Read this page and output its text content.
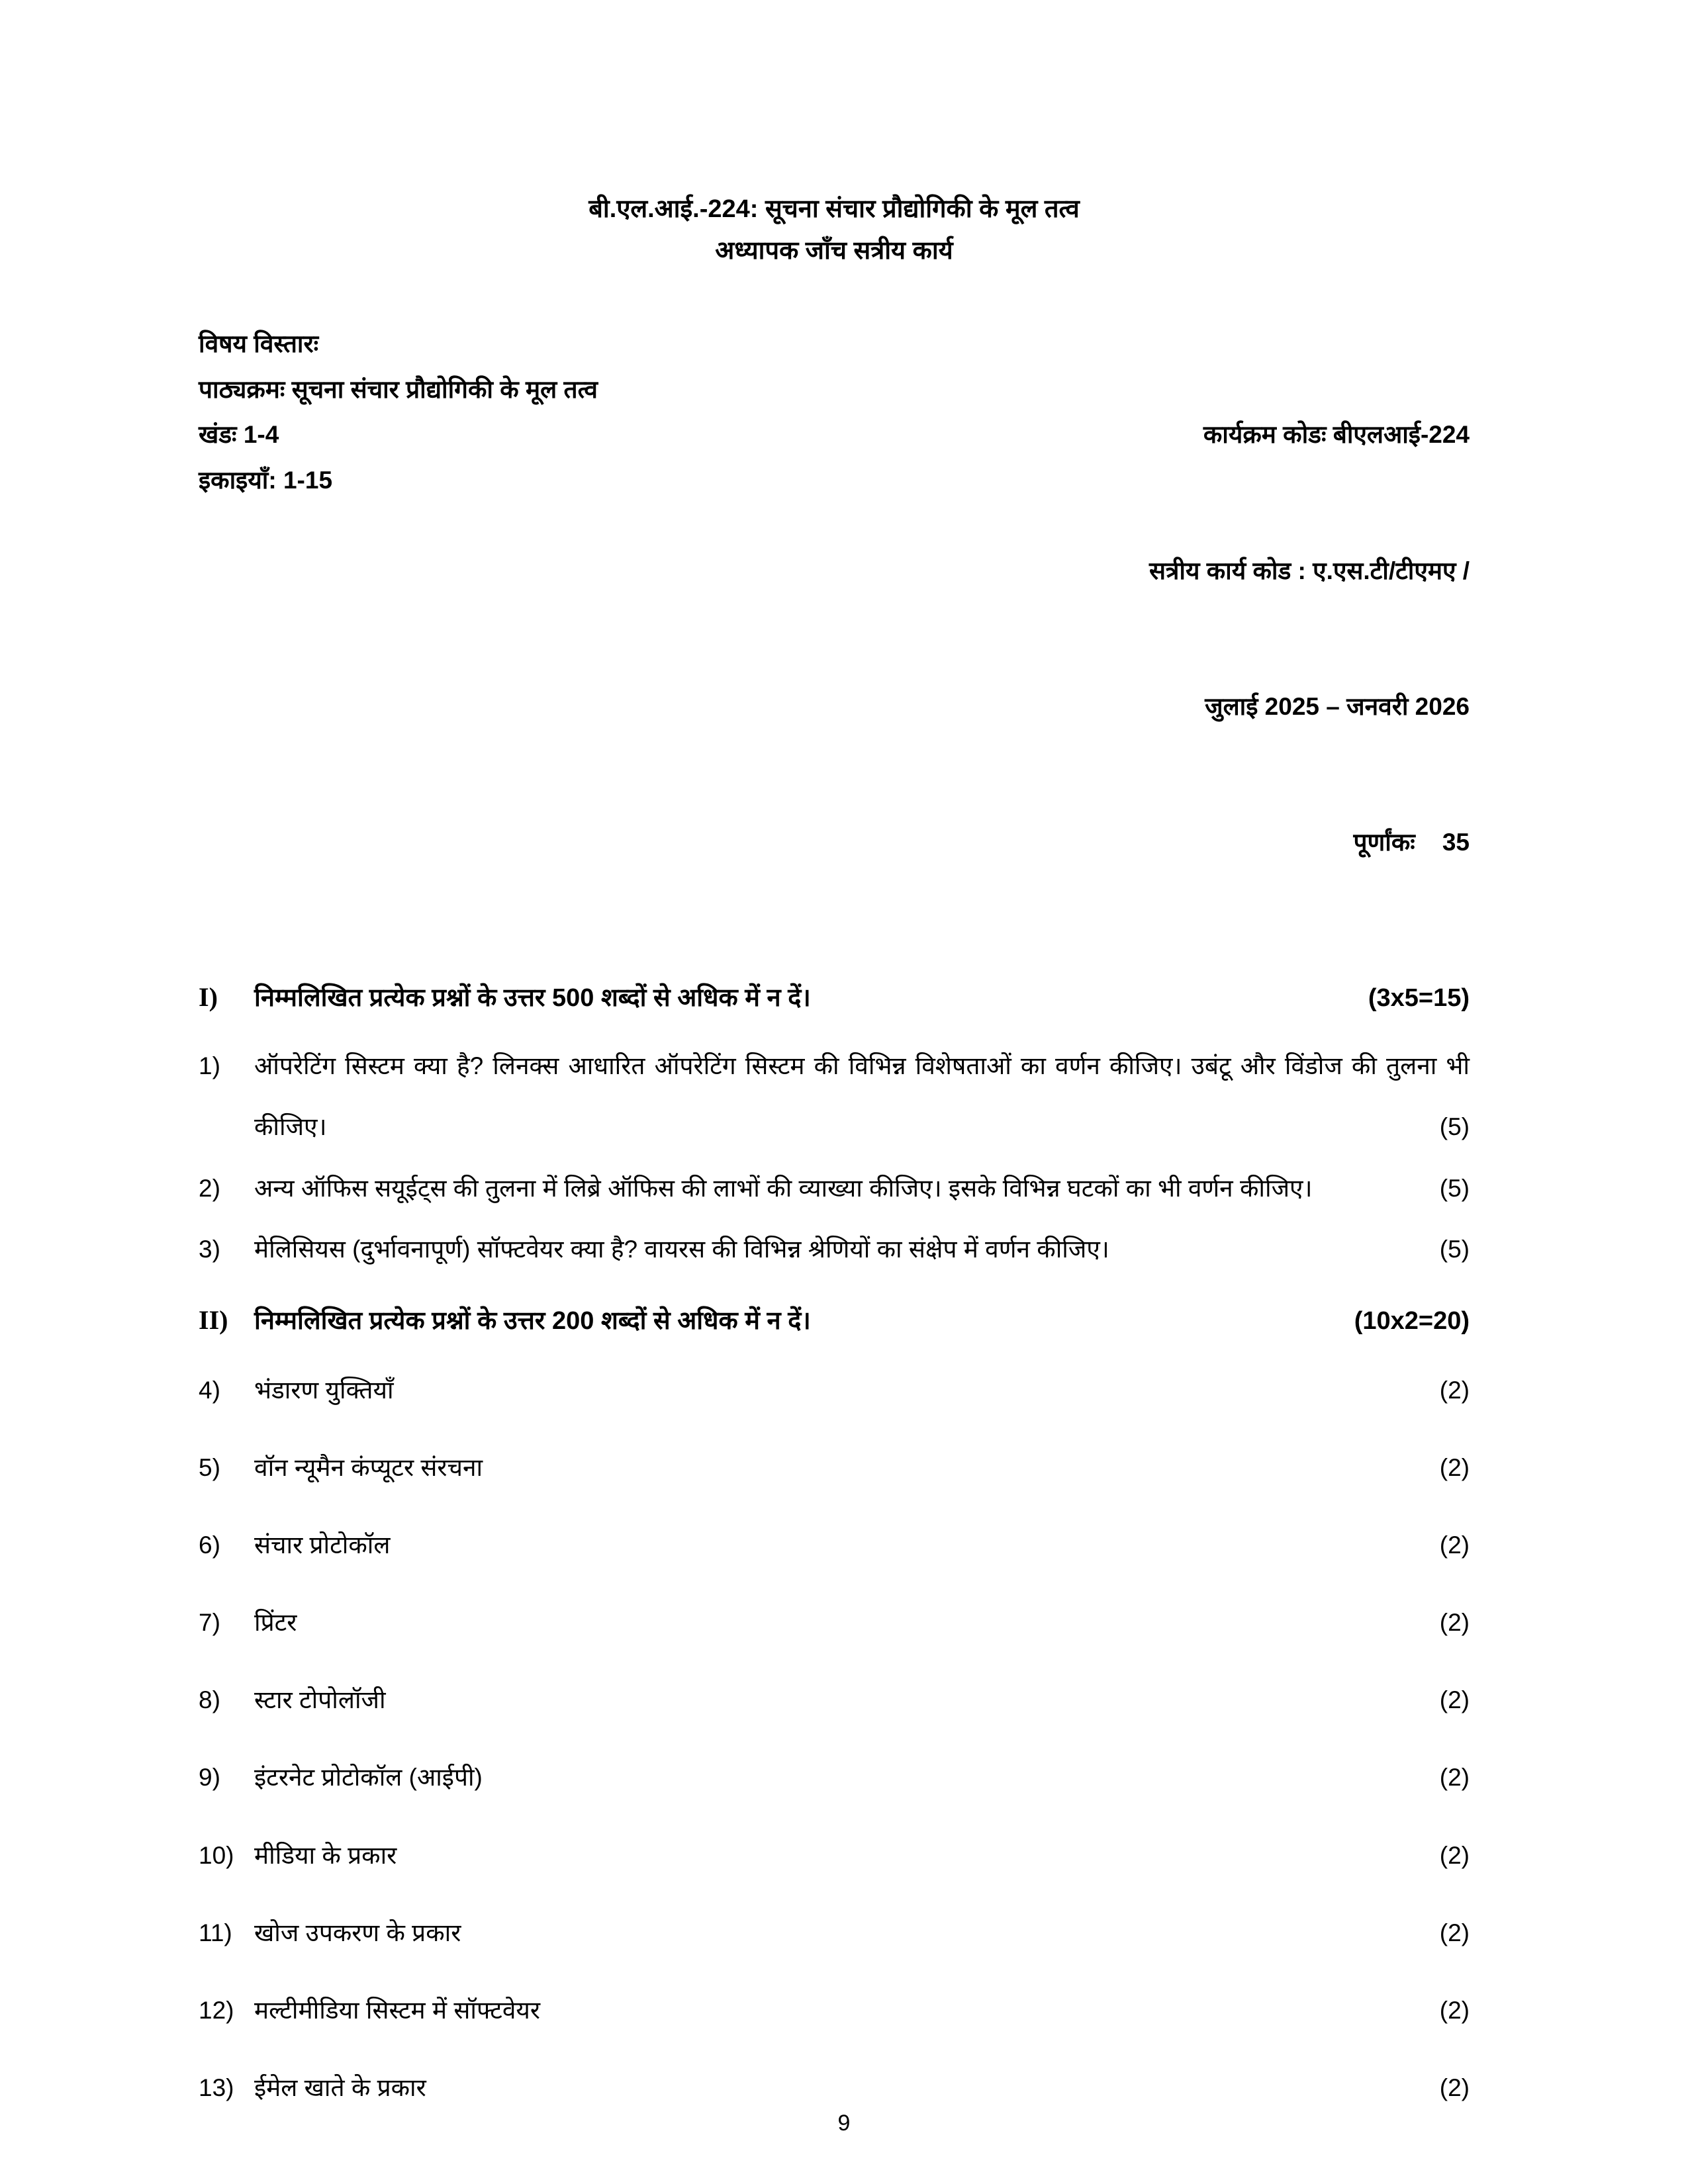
बी.एल.आई.-224: सूचना संचार प्रौद्योगिकी के मूल तत्व
अध्यापक जाँच सत्रीय कार्य
विषय विस्तारः
पाठ्यक्रमः सूचना संचार प्रौद्योगिकी के मूल तत्व
खंडः 1-4
इकाइयाँ: 1-15

कार्यक्रम कोडः बीएलआई-224

सत्रीय कार्य कोड : ए.एस.टी/टीएमए /

जुलाई 2025 – जनवरी 2026

पूर्णांकः    35

I)	निम्मलिखित प्रत्येक प्रश्नों के उत्तर 500 शब्दों से अधिक में न दें।	(3x5=15)
1)	ऑपरेटिंग सिस्टम क्या है? लिनक्स आधारित ऑपरेटिंग सिस्टम की विभिन्न विशेषताओं का वर्णन कीजिए। उबंटू और विंडोज की तुलना भी कीजिए।	(5)
2)	अन्य ऑफिस सयूईट्स की तुलना में लिब्रे ऑफिस की लाभों की व्याख्या कीजिए। इसके विभिन्न घटकों का भी वर्णन कीजिए।	(5)
3)	मेलिसियस (दुर्भावनापूर्ण) सॉफ्टवेयर क्या है? वायरस की विभिन्न श्रेणियों का संक्षेप में वर्णन कीजिए।	(5)
II)	निम्मलिखित प्रत्येक प्रश्नों के उत्तर 200 शब्दों से अधिक में न दें।	(10x2=20)
4)	भंडारण युक्तियाँ	(2)
5)	वॉन न्यूमैन कंप्यूटर संरचना	(2)
6)	संचार प्रोटोकॉल	(2)
7)	प्रिंटर	(2)
8)	स्टार टोपोलॉजी	(2)
9)	इंटरनेट प्रोटोकॉल (आईपी)	(2)
10) मीडिया के प्रकार	(2)
11) खोज उपकरण के प्रकार	(2)
12) मल्टीमीडिया सिस्टम में सॉफ्टवेयर	(2)
13) ईमेल खाते के प्रकार	(2)
9
